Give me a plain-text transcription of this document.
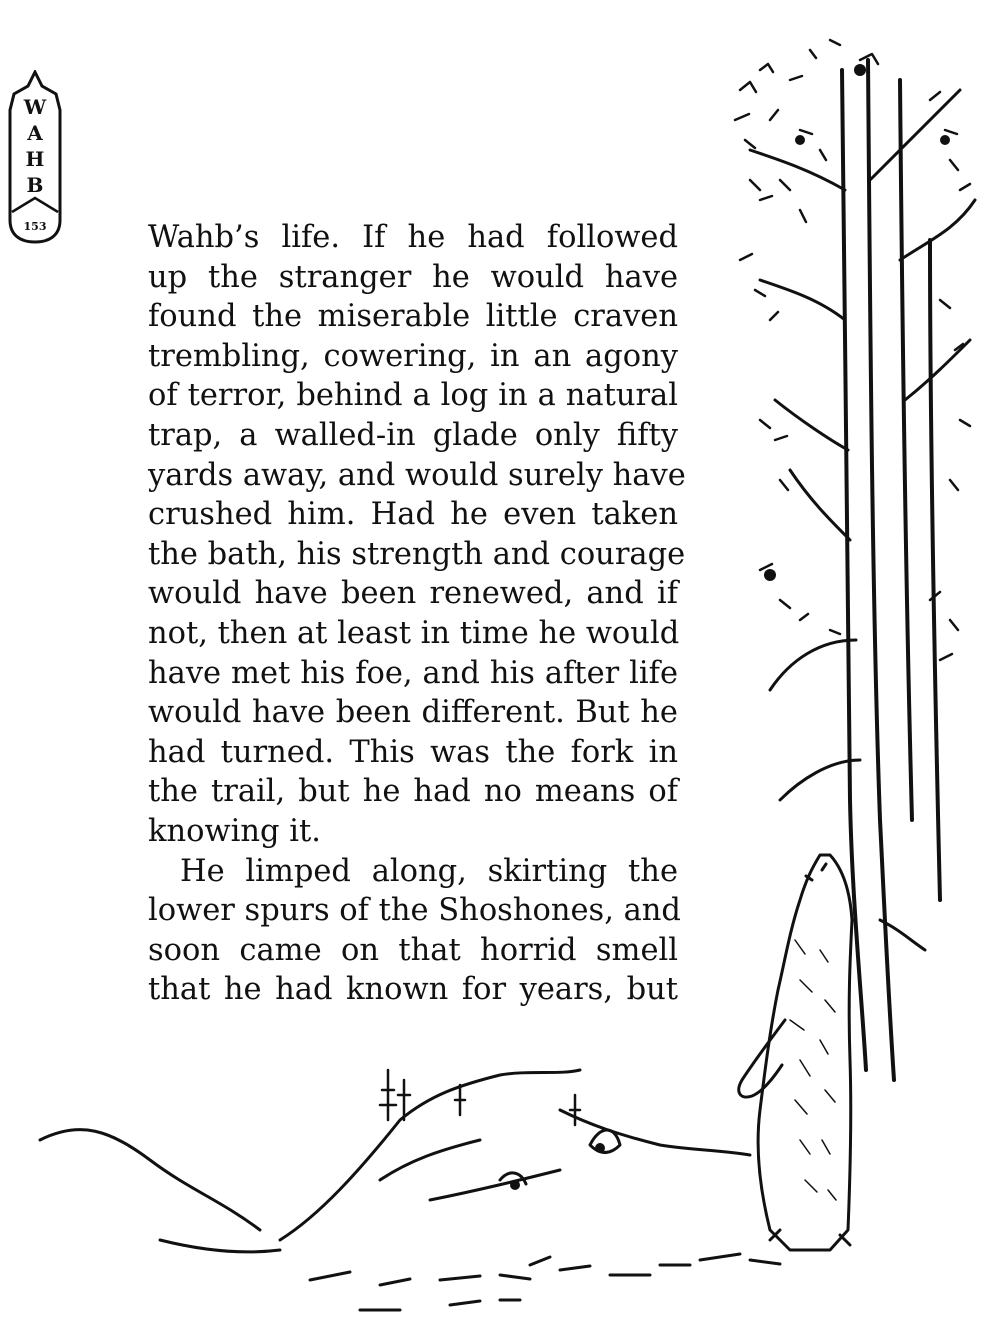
W
A
H
B
153	Wahb’s life. If he had followed
up the stranger he would have
found the miserable little craven
trembling, cowering, in an agony
of terror, behind a log in a natural
trap, a walled-in glade only fifty
yards away, and would surely have
crushed him. Had he even taken
the bath, his strength and courage
would have been renewed, and if
not, then at least in time he would
have met his foe, and his after life
would have been different. But he
had turned. This was the fork in
the trail, but he had no means of
knowing it.
He limped along, skirting the
lower spurs of the Shoshones, and
soon came on that horrid smell
that he had known for years, but
